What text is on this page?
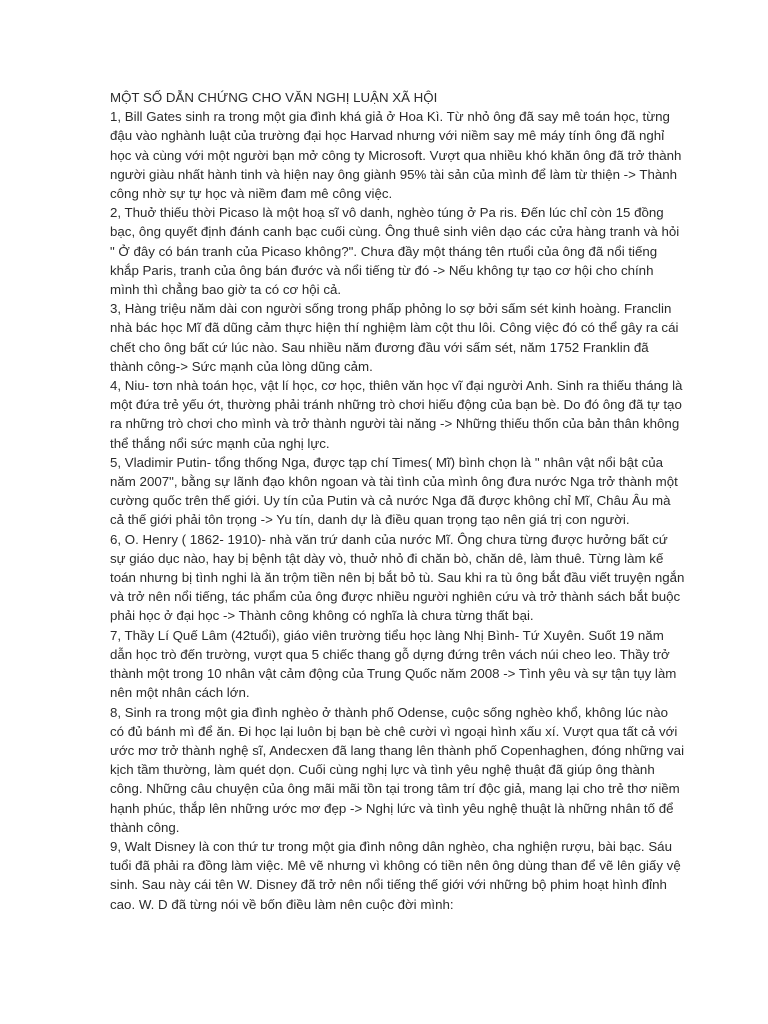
MỘT SỐ DẪN CHỨNG CHO VĂN NGHỊ LUẬN XÃ HỘI

1, Bill Gates sinh ra trong một gia đình khá giả ở Hoa Kì. Từ nhỏ ông đã say mê toán học, từng đậu vào nghành luật của trường đại học Harvad nhưng với niềm say mê máy tính ông đã nghỉ học và cùng với một người bạn mở công ty Microsoft. Vượt qua nhiều khó khăn ông đã trở thành người giàu nhất hành tinh và hiện nay ông giành 95% tài sản của mình để làm từ thiện -> Thành công nhờ sự tự học và niềm đam mê công việc.

2, Thuở thiếu thời Picaso là một hoạ sĩ vô danh, nghèo túng ở Pa ris. Đến lúc chỉ còn 15 đồng bạc, ông quyết định đánh canh bạc cuối cùng. Ông thuê sinh viên dạo các cửa hàng tranh và hỏi " Ở đây có bán tranh của Picaso không?". Chưa đầy một tháng tên rtuổi của ông đã nổi tiếng khắp Paris, tranh của ông bán đước và nổi tiếng từ đó -> Nếu không tự tạo cơ hội cho chính mình thì chẳng bao giờ ta có cơ hội cả.

3, Hàng triệu năm dài con người sống trong phấp phỏng lo sợ bởi sấm sét kinh hoàng. Franclin nhà bác học Mĩ đã dũng cảm thực hiện thí nghiệm làm cột thu lôi. Công việc đó có thể gây ra cái chết cho ông bất cứ lúc nào. Sau nhiều năm đương đầu với sấm sét, năm 1752 Franklin đã thành công-> Sức mạnh của lòng dũng cảm.

4, Niu- tơn nhà toán học, vật lí học, cơ học, thiên văn học vĩ đại người Anh. Sinh ra thiếu tháng là một đứa trẻ yếu ớt, thường phải tránh những trò chơi hiếu động của bạn bè. Do đó ông đã tự tạo ra những trò chơi cho mình và trở thành người tài năng -> Những thiếu thốn của bản thân không thể thắng nổi sức mạnh của nghị lực.

5, Vladimir Putin- tổng thống Nga, được tạp chí Times( Mĩ) bình chọn là " nhân vật nổi bật của năm 2007", bằng sự lãnh đạo khôn ngoan và tài tình của mình ông đưa nước Nga trở thành một cường quốc trên thế giới. Uy tín của Putin và cả nước Nga đã được không chỉ Mĩ, Châu Âu mà cả thế giới phải tôn trọng -> Yu tín, danh dự là điều quan trọng tạo nên giá trị con người.

6, O. Henry ( 1862- 1910)- nhà văn trứ danh của nước Mĩ. Ông chưa từng được hưởng bất cứ sự giáo dục nào, hay bị bệnh tật dày vò, thuở nhỏ đi chăn bò, chăn dê, làm thuê. Từng làm kế toán nhưng bị tình nghi là ăn trộm tiền nên bị bắt bỏ tù. Sau khi ra tù ông bắt đầu viết truyện ngắn và trở nên nổi tiếng, tác phẩm của ông được nhiều người nghiên cứu và trở thành sách bắt buộc phải học ở đại học -> Thành công không có nghĩa là chưa từng thất bại.

7, Thầy Lí Quế Lâm (42tuổi), giáo viên trường tiểu học làng Nhị Bình- Tứ Xuyên. Suốt 19 năm dẫn học trò đến trường, vượt qua 5 chiếc thang gỗ dựng đứng trên vách núi cheo leo. Thầy trở thành một trong 10 nhân vật cảm động của Trung Quốc năm 2008 -> Tình yêu và sự tận tụy làm nên một nhân cách lớn.

8, Sinh ra trong một gia đình nghèo ở thành phố Odense, cuộc sống nghèo khổ, không lúc nào có đủ bánh mì để ăn. Đi học lại luôn bị bạn bè chê cười vì ngoại hình xấu xí. Vượt qua tất cả với ước mơ trở thành nghệ sĩ, Andecxen đã lang thang lên thành phố Copenhaghen, đóng những vai kịch tầm thường, làm quét dọn. Cuối cùng nghị lực và tình yêu nghệ thuật đã giúp ông thành công. Những câu chuyện của ông mãi mãi tồn tại trong tâm trí độc giả, mang lại cho trẻ thơ niềm hạnh phúc, thắp lên những ước mơ đẹp -> Nghị lức và tình yêu nghệ thuật là những nhân tố để thành công.

9, Walt Disney là con thứ tư trong một gia đình nông dân nghèo, cha nghiện rượu, bài bạc. Sáu tuổi đã phải ra đồng làm việc. Mê vẽ nhưng vì không có tiền nên ông dùng than để vẽ lên giấy vệ sinh. Sau này cái tên W. Disney đã trở nên nổi tiếng thế giới với những bộ phim hoạt hình đỉnh cao. W. D đã từng nói về bốn điều làm nên cuộc đời mình:
